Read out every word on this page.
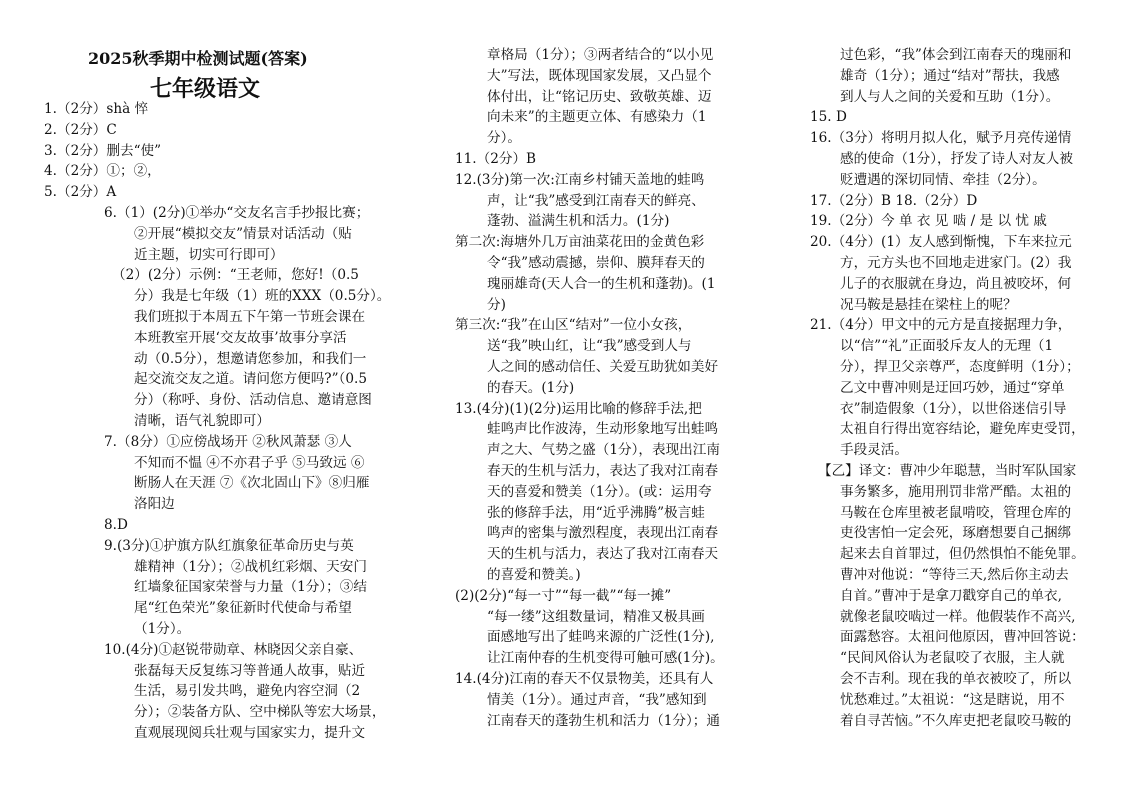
2025秋季期中检测试题(答案)
七年级语文
1.（2分）shà 悴
2.（2分）C
3.（2分）删去“使”
4.（2分）①；②，
5.（2分）A
6.（1）(2分)①举办“交友名言手抄报比赛；
②开展“模拟交友”情景对话活动（贴
近主题，切实可行即可）
（2）(2分）示例：“王老师，您好!（0.5
分）我是七年级（1）班的XXX（0.5分）。
我们班拟于本周五下午第一节班会课在
本班教室开展‘交友故事’故事分享活
动（0.5分），想邀请您参加，和我们一
起交流交友之道。请问您方便吗?”（0.5
分）（称呼、身份、活动信息、邀请意图
清晰，语气礼貌即可）
7.（8分）①应傍战场开 ②秋风萧瑟 ③人
不知而不愠 ④不亦君子乎 ⑤马致远 ⑥
断肠人在天涯 ⑦《次北固山下》⑧归雁
洛阳边
8.D
9.(3分)①护旗方队红旗象征革命历史与英
雄精神（1分）；②战机红彩烟、天安门
红墙象征国家荣誉与力量（1分）；③结
尾“红色荣光”象征新时代使命与希望
（1分）。
10.(4分)①赵锐带勋章、林晓因父亲自豪、
张磊每天反复练习等普通人故事，贴近
生活，易引发共鸣，避免内容空洞（2
分）；②装备方队、空中梯队等宏大场景，
直观展现阅兵壮观与国家实力，提升文
章格局（1分）；③两者结合的“以小见
大”写法，既体现国家发展，又凸显个
体付出，让“铭记历史、致敬英雄、迈
向未来”的主题更立体、有感染力（1
分）。
11.（2分）B
12.(3分)第一次:江南乡村铺天盖地的蛙鸣
声，让“我”感受到江南春天的鲜亮、
蓬勃、溢满生机和活力。(1分)
第二次:海塘外几万亩油菜花田的金黄色彩
令“我”感动震撼，崇仰、膜拜春天的
瑰丽雄奇(天人合一的生机和蓬勃)。(1
分)
第三次:“我”在山区“结对”一位小女孩，
送“我”映山红，让“我”感受到人与
人之间的感动信任、关爱互助犹如美好
的春天。(1分)
13.(4分)(1)(2分)运用比喻的修辞手法,把
蛙鸣声比作波涛，生动形象地写出蛙鸣
声之大、气势之盛（1分），表现出江南
春天的生机与活力，表达了我对江南春
天的喜爱和赞美（1分）。(或：运用夸
张的修辞手法，用“近乎沸腾”极言蛙
鸣声的密集与激烈程度，表现出江南春
天的生机与活力，表达了我对江南春天
的喜爱和赞美。)
(2)(2分)“每一寸”“每一截”“每一摊”
“每一缕”这组数量词，精准又极具画
面感地写出了蛙鸣来源的广泛性(1分),
让江南仲春的生机变得可触可感(1分)。
14.(4分)江南的春天不仅景物美，还具有人
情美（1分）。通过声音，“我”感知到
江南春天的蓬勃生机和活力（1分）；通
过色彩，“我”体会到江南春天的瑰丽和
雄奇（1分）；通过“结对”帮扶，我感
到人与人之间的关爱和互助（1分）。
15. D
16.（3分）将明月拟人化，赋予月亮传递情
感的使命（1分），抒发了诗人对友人被
贬遭遇的深切同情、牵挂（2分）。
17.（2分）B 18.（2分）D
19.（2分）今 单 衣 见 啮 / 是 以 忧 戚
20.（4分）(1）友人感到惭愧，下车来拉元
方，元方头也不回地走进家门。(2）我
儿子的衣服就在身边，尚且被咬坏，何
况马鞍是悬挂在梁柱上的呢？
21.（4分）甲文中的元方是直接据理力争，
以“信”“礼”正面驳斥友人的无理（1
分），捍卫父亲尊严，态度鲜明（1分）；
乙文中曹冲则是迂回巧妙，通过“穿单
衣”制造假象（1分），以世俗迷信引导
太祖自行得出宽容结论，避免库吏受罚，
手段灵活。
【乙】译文：曹冲少年聪慧，当时军队国家
事务繁多，施用刑罚非常严酷。太祖的
马鞍在仓库里被老鼠啃咬，管理仓库的
吏役害怕一定会死，琢磨想要自己捆绑
起来去自首罪过，但仍然惧怕不能免罪。
曹冲对他说：“等待三天,然后你主动去
自首。”曹冲于是拿刀戳穿自己的单衣,
就像老鼠咬啮过一样。他假装作不高兴,
面露愁容。太祖问他原因，曹冲回答说：
“民间风俗认为老鼠咬了衣服，主人就
会不吉利。现在我的单衣被咬了，所以
忧愁难过。”太祖说：“这是瞎说，用不
着自寻苦恼。”不久库吏把老鼠咬马鞍的
